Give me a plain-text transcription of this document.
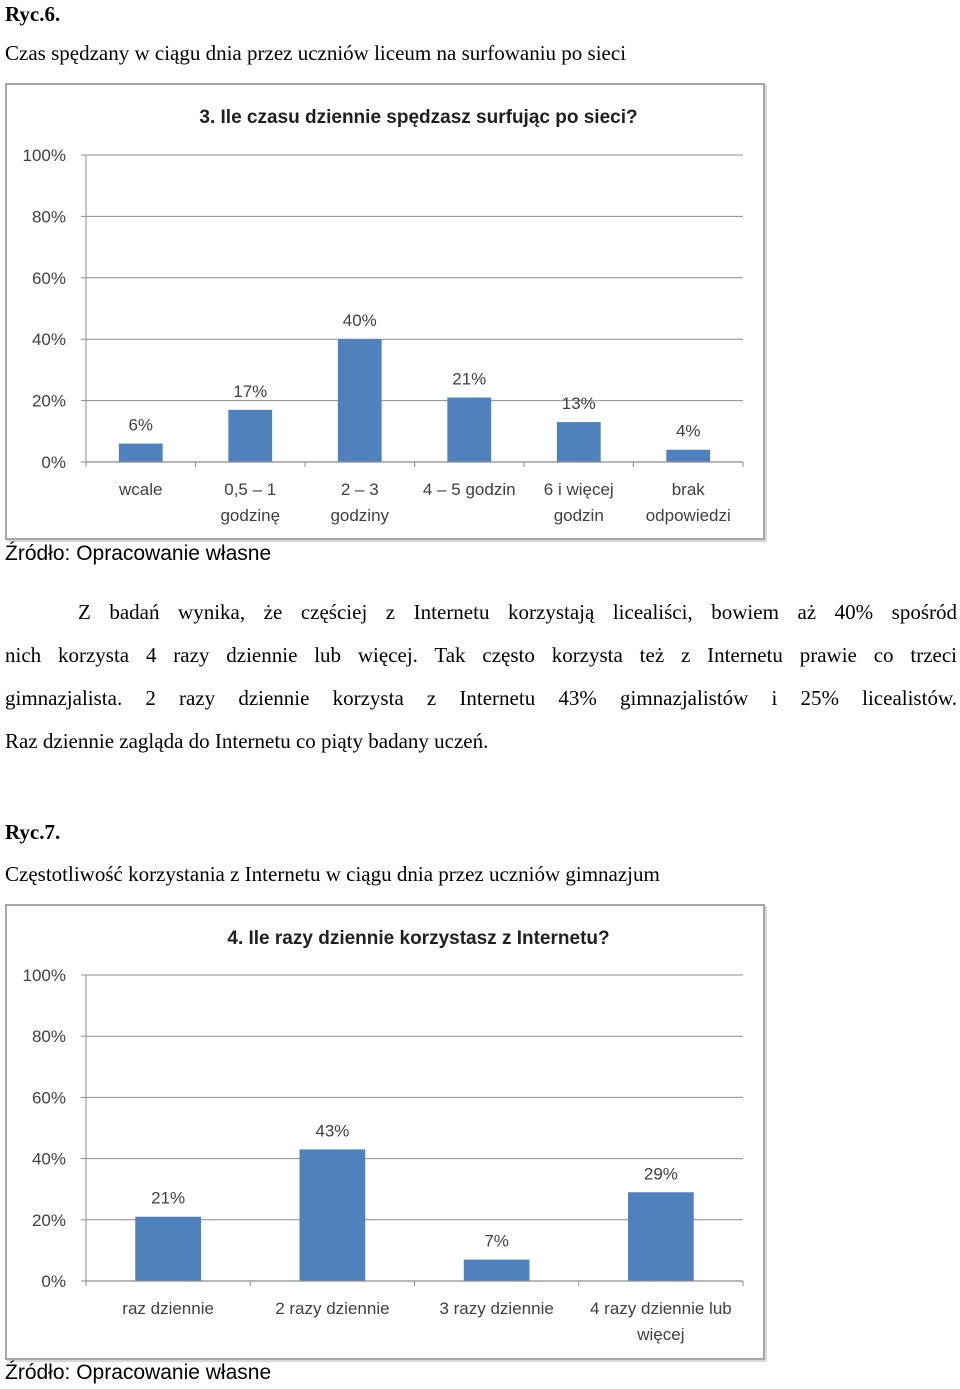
Ryc.6.
Czas spędzany w ciągu dnia przez uczniów liceum na surfowaniu po sieci
3. Ile czasu dziennie spędzasz surfując po sieci?
0%
20%
40%
60%
80%
100%
6%
wcale
17%
0,5 – 1
godzinę
40%
2 – 3
godziny
21%
4 – 5 godzin
13%
6 i więcej
godzin
4%
brak
odpowiedzi
Źródło: Opracowanie własne
Z badań wynika, że częściej z Internetu korzystają licealiści, bowiem aż 40% spośród
nich korzysta 4 razy dziennie lub więcej. Tak często korzysta też z Internetu prawie co trzeci
gimnazjalista. 2 razy dziennie korzysta z Internetu 43% gimnazjalistów i 25% licealistów.
Raz dziennie zagląda do Internetu co piąty badany uczeń.
Ryc.7.
Częstotliwość korzystania z Internetu w ciągu dnia przez uczniów gimnazjum
4. Ile razy dziennie korzystasz z Internetu?
0%
20%
40%
60%
80%
100%
21%
raz dziennie
43%
2 razy dziennie
7%
3 razy dziennie
29%
4 razy dziennie lub
więcej
Źródło: Opracowanie własne
